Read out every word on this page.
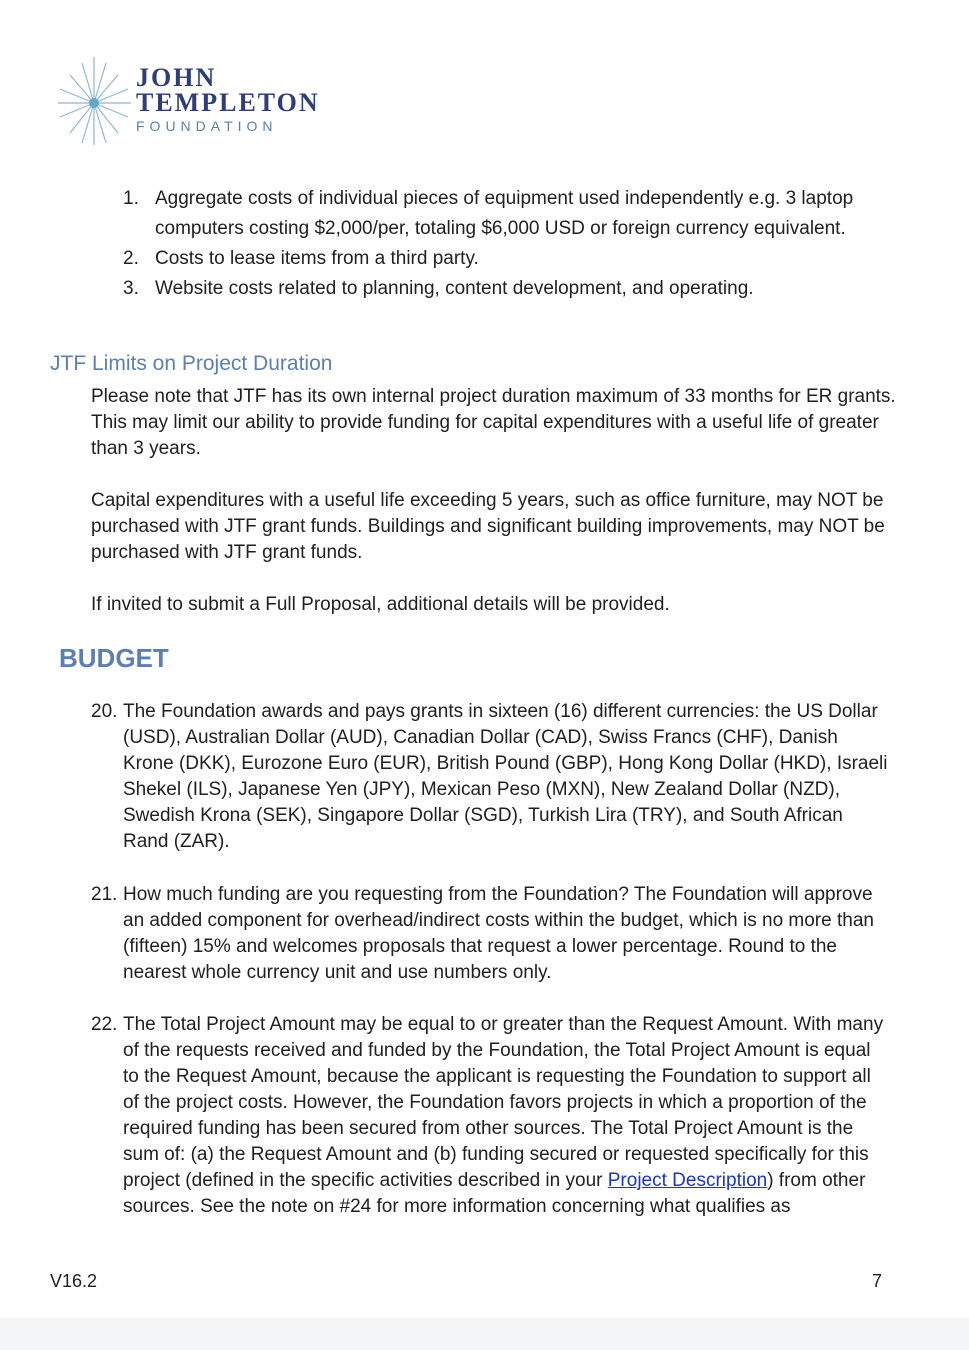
JOHN
TEMPLETON
FOUNDATION
1. Aggregate costs of individual pieces of equipment used independently e.g. 3 laptop computers costing $2,000/per, totaling $6,000 USD or foreign currency equivalent.
2. Costs to lease items from a third party.
3. Website costs related to planning, content development, and operating.
JTF Limits on Project Duration

Please note that JTF has its own internal project duration maximum of 33 months for ER grants. This may limit our ability to provide funding for capital expenditures with a useful life of greater than 3 years.

Capital expenditures with a useful life exceeding 5 years, such as office furniture, may NOT be purchased with JTF grant funds. Buildings and significant building improvements, may NOT be purchased with JTF grant funds.

If invited to submit a Full Proposal, additional details will be provided.

BUDGET
20. The Foundation awards and pays grants in sixteen (16) different currencies: the US Dollar (USD), Australian Dollar (AUD), Canadian Dollar (CAD), Swiss Francs (CHF), Danish Krone (DKK), Eurozone Euro (EUR), British Pound (GBP), Hong Kong Dollar (HKD), Israeli Shekel (ILS), Japanese Yen (JPY), Mexican Peso (MXN), New Zealand Dollar (NZD), Swedish Krona (SEK), Singapore Dollar (SGD), Turkish Lira (TRY), and South African Rand (ZAR).
21. How much funding are you requesting from the Foundation? The Foundation will approve an added component for overhead/indirect costs within the budget, which is no more than (fifteen) 15% and welcomes proposals that request a lower percentage. Round to the nearest whole currency unit and use numbers only.
22. The Total Project Amount may be equal to or greater than the Request Amount. With many of the requests received and funded by the Foundation, the Total Project Amount is equal to the Request Amount, because the applicant is requesting the Foundation to support all of the project costs. However, the Foundation favors projects in which a proportion of the required funding has been secured from other sources. The Total Project Amount is the sum of: (a) the Request Amount and (b) funding secured or requested specifically for this project (defined in the specific activities described in your Project Description) from other sources. See the note on #24 for more information concerning what qualifies as
V16.2	7
